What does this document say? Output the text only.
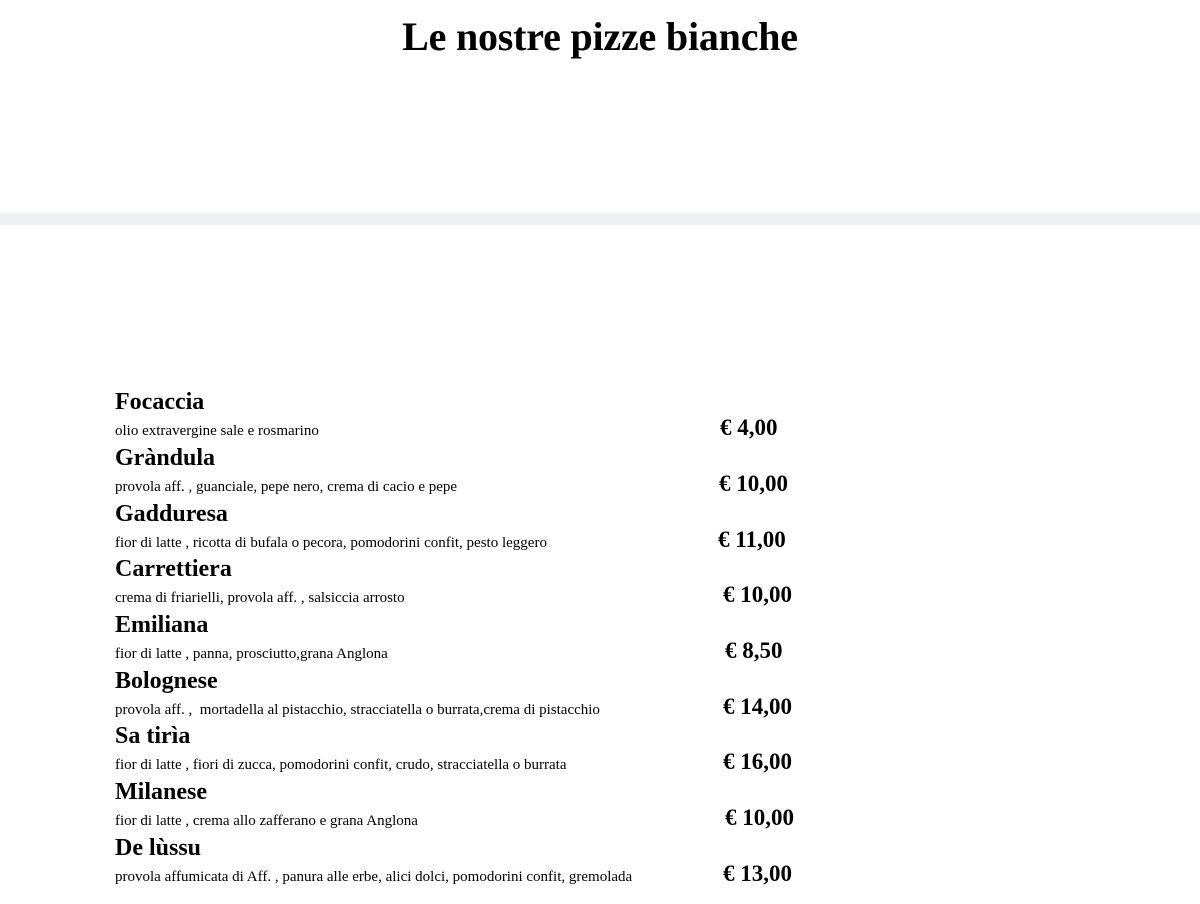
Le nostre pizze bianche
Focaccia
olio extravergine sale e rosmarino	€ 4,00
Gràndula
provola aff. , guanciale, pepe nero, crema di cacio e pepe	€ 10,00
Gadduresa
fior di latte , ricotta di bufala o pecora, pomodorini confit, pesto leggero	€ 11,00
Carrettiera
crema di friarielli, provola aff. , salsiccia arrosto	€ 10,00
Emiliana
fior di latte , panna, prosciutto,grana Anglona	€ 8,50
Bolognese
provola aff. ,  mortadella al pistacchio, stracciatella o burrata,crema di pistacchio	€ 14,00
Sa tirìa
fior di latte , fiori di zucca, pomodorini confit, crudo, stracciatella o burrata	€ 16,00
Milanese
fior di latte , crema allo zafferano e grana Anglona	€ 10,00
De lùssu
provola affumicata di Aff. , panura alle erbe, alici dolci, pomodorini confit, gremolada	€ 13,00
